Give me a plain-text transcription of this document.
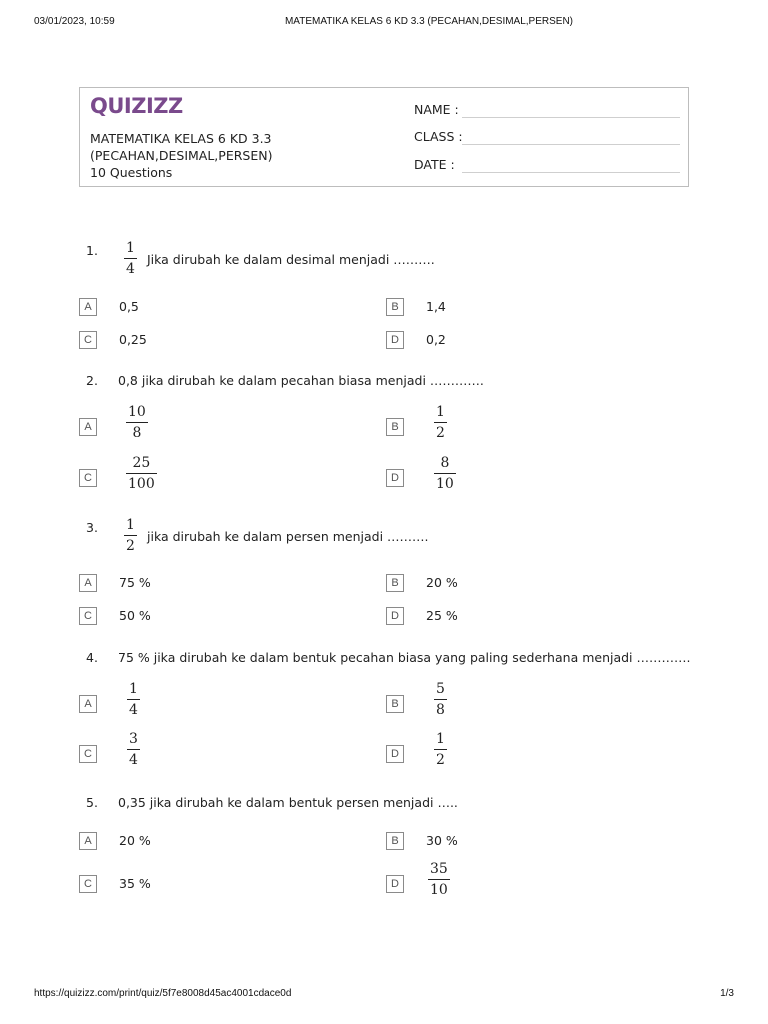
03/01/2023, 10:59	MATEMATIKA KELAS 6 KD 3.3 (PECAHAN,DESIMAL,PERSEN)
QUIZIZZ
MATEMATIKA KELAS 6 KD 3.3
(PECAHAN,DESIMAL,PERSEN)
10 Questions
NAME :
CLASS :
DATE :
1. 1
4
Jika dirubah ke dalam desimal menjadi ……….
A	0,5	B	1,4
C	0,25	D	0,2
2. 0,8 jika dirubah ke dalam pecahan biasa menjadi ………….
A
10
8	B
1
2
C
25
100	D
8
10
3. 1
2
jika dirubah ke dalam persen menjadi ……….
A	75 %	B	20 %
C	50 %	D	25 %
4. 75 % jika dirubah ke dalam bentuk pecahan biasa yang paling sederhana menjadi ………….
A
1
4	B
5
8
C
3
4	D
1
2
5. 0,35 jika dirubah ke dalam bentuk persen menjadi …..
A	20 %	B	30 %
C	35 %	D
35
10
https://quizizz.com/print/quiz/5f7e8008d45ac4001cdace0d	1/3
